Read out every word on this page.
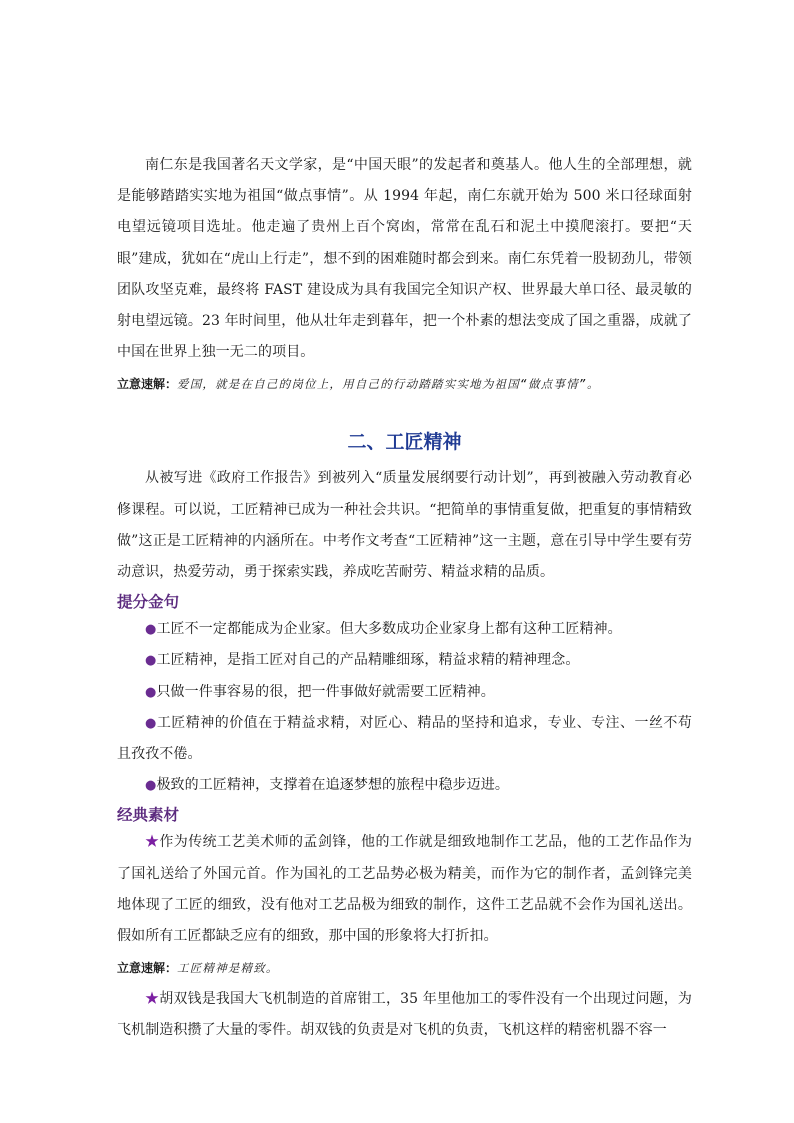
南仁东是我国著名天文学家，是“中国天眼”的发起者和奠基人。他人生的全部理想，就是能够踏踏实实地为祖国“做点事情”。从 1994 年起，南仁东就开始为 500 米口径球面射电望远镜项目选址。他走遍了贵州上百个窝凼，常常在乱石和泥土中摸爬滚打。要把“天眼”建成，犹如在“虎山上行走”，想不到的困难随时都会到来。南仁东凭着一股韧劲儿，带领团队攻坚克难，最终将 FAST 建设成为具有我国完全知识产权、世界最大单口径、最灵敏的射电望远镜。23 年时间里，他从壮年走到暮年，把一个朴素的想法变成了国之重器，成就了中国在世界上独一无二的项目。

立意速解：爱国，就是在自己的岗位上，用自己的行动踏踏实实地为祖国“做点事情”。

二、工匠精神

从被写进《政府工作报告》到被列入“质量发展纲要行动计划”，再到被融入劳动教育必修课程。可以说，工匠精神已成为一种社会共识。“把简单的事情重复做，把重复的事情精致做”这正是工匠精神的内涵所在。中考作文考查“工匠精神”这一主题，意在引导中学生要有劳动意识，热爱劳动，勇于探索实践，养成吃苦耐劳、精益求精的品质。

提分金句

●工匠不一定都能成为企业家。但大多数成功企业家身上都有这种工匠精神。

●工匠精神，是指工匠对自己的产品精雕细琢，精益求精的精神理念。

●只做一件事容易的很，把一件事做好就需要工匠精神。

●工匠精神的价值在于精益求精，对匠心、精品的坚持和追求，专业、专注、一丝不苟且孜孜不倦。

●极致的工匠精神，支撑着在追逐梦想的旅程中稳步迈进。

经典素材

★作为传统工艺美术师的孟剑锋，他的工作就是细致地制作工艺品，他的工艺作品作为了国礼送给了外国元首。作为国礼的工艺品势必极为精美，而作为它的制作者，孟剑锋完美地体现了工匠的细致，没有他对工艺品极为细致的制作，这件工艺品就不会作为国礼送出。假如所有工匠都缺乏应有的细致，那中国的形象将大打折扣。

立意速解：工匠精神是精致。

★胡双钱是我国大飞机制造的首席钳工，35 年里他加工的零件没有一个出现过问题，为飞机制造积攒了大量的零件。胡双钱的负责是对飞机的负责，飞机这样的精密机器不容一
